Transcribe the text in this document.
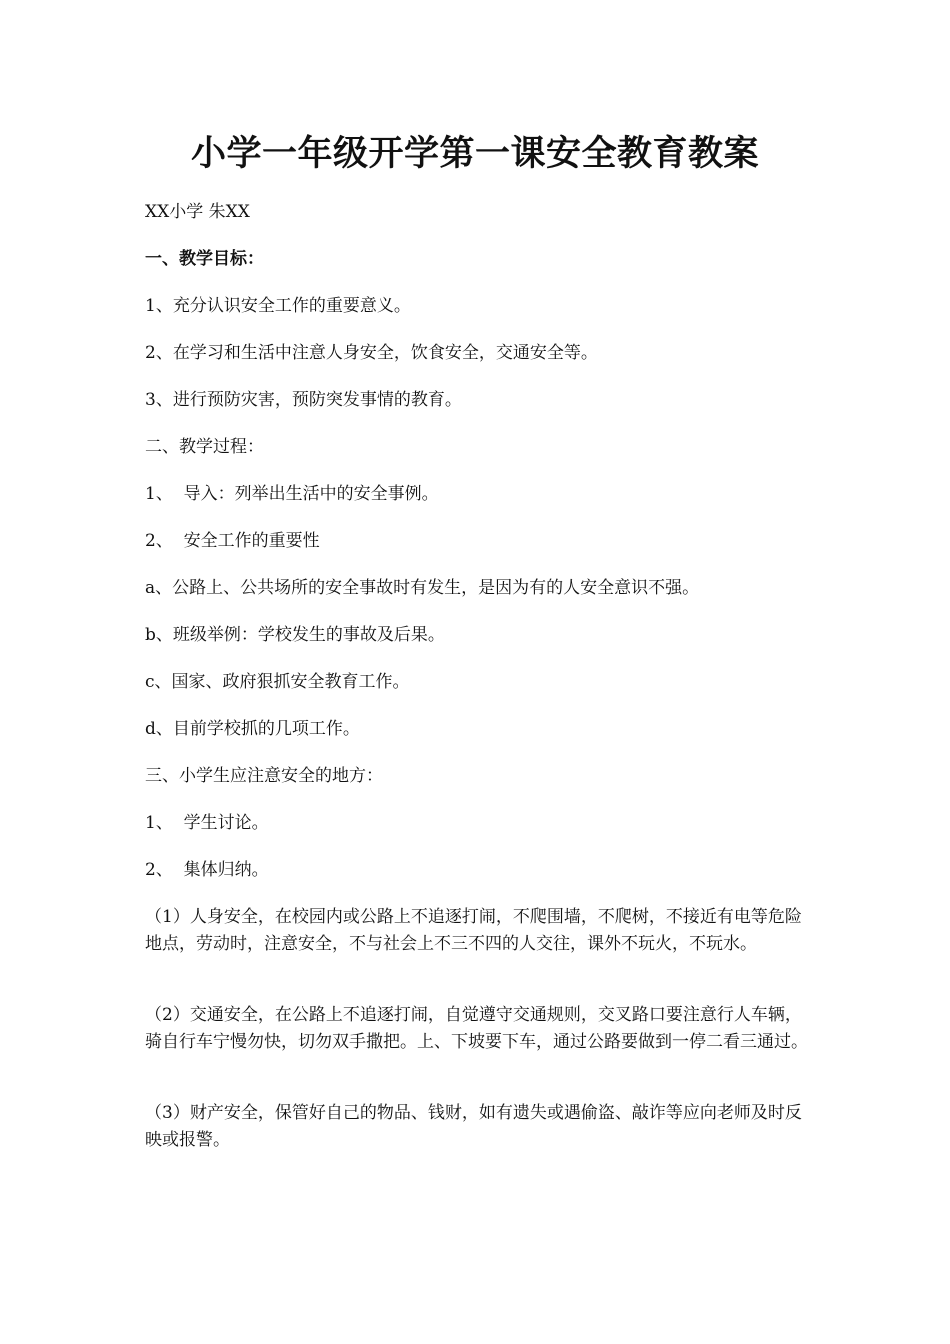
小学一年级开学第一课安全教育教案
XX小学 朱XX
一、教学目标：
1、充分认识安全工作的重要意义。
2、在学习和生活中注意人身安全，饮食安全，交通安全等。
3、进行预防灾害，预防突发事情的教育。
二、教学过程：
1、  导入：列举出生活中的安全事例。
2、  安全工作的重要性
a、公路上、公共场所的安全事故时有发生，是因为有的人安全意识不强。
b、班级举例：学校发生的事故及后果。
c、国家、政府狠抓安全教育工作。
d、目前学校抓的几项工作。
三、小学生应注意安全的地方：
1、  学生讨论。
2、  集体归纳。
（1）人身安全，在校园内或公路上不追逐打闹，不爬围墙，不爬树，不接近有电等危险地点，劳动时，注意安全，不与社会上不三不四的人交往，课外不玩火，不玩水。
（2）交通安全，在公路上不追逐打闹，自觉遵守交通规则，交叉路口要注意行人车辆，骑自行车宁慢勿快，切勿双手撒把。上、下坡要下车，通过公路要做到一停二看三通过。
（3）财产安全，保管好自己的物品、钱财，如有遗失或遇偷盗、敲诈等应向老师及时反映或报警。
